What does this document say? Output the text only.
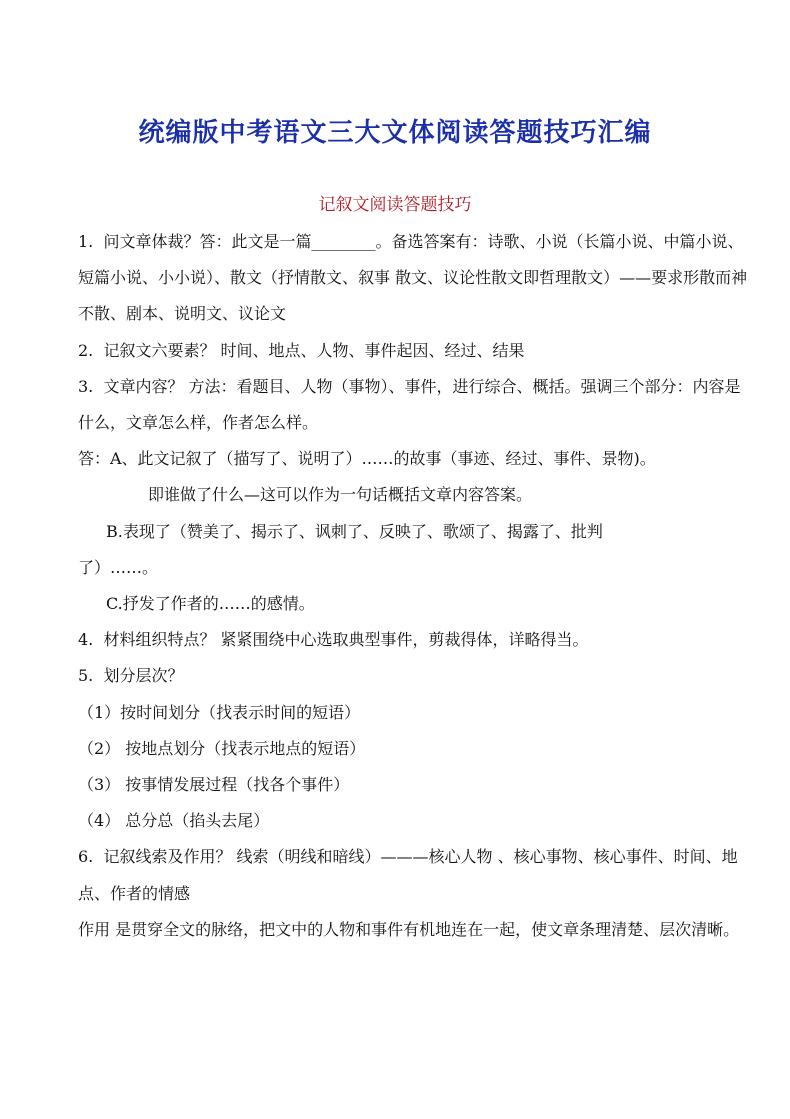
统编版中考语文三大文体阅读答题技巧汇编
记叙文阅读答题技巧

1.  问文章体裁？答：此文是一篇________。备选答案有：诗歌、小说（长篇小说、中篇小说、短篇小说、小小说）、散文（抒情散文、叙事 散文、议论性散文即哲理散文）——要求形散而神不散、剧本、说明文、议论文

2.  记叙文六要素？ 时间、地点、人物、事件起因、经过、结果

3.  文章内容？ 方法：看题目、人物（事物）、事件，进行综合、概括。强调三个部分：内容是什么，文章怎么样，作者怎么样。

答：A、此文记叙了（描写了、说明了）……的故事（事迹、经过、事件、景物)。

即谁做了什么—这可以作为一句话概括文章内容答案。

B.表现了（赞美了、揭示了、讽刺了、反映了、歌颂了、揭露了、批判

了）……。

C.抒发了作者的……的感情。

4.  材料组织特点？ 紧紧围绕中心选取典型事件，剪裁得体，详略得当。

5.  划分层次？

（1）按时间划分（找表示时间的短语）

（2） 按地点划分（找表示地点的短语）

（3） 按事情发展过程（找各个事件）

（4） 总分总（掐头去尾）

6.  记叙线索及作用？ 线索（明线和暗线）———核心人物 、核心事物、核心事件、时间、地点、作者的情感

作用 是贯穿全文的脉络，把文中的人物和事件有机地连在一起，使文章条理清楚、层次清晰。
